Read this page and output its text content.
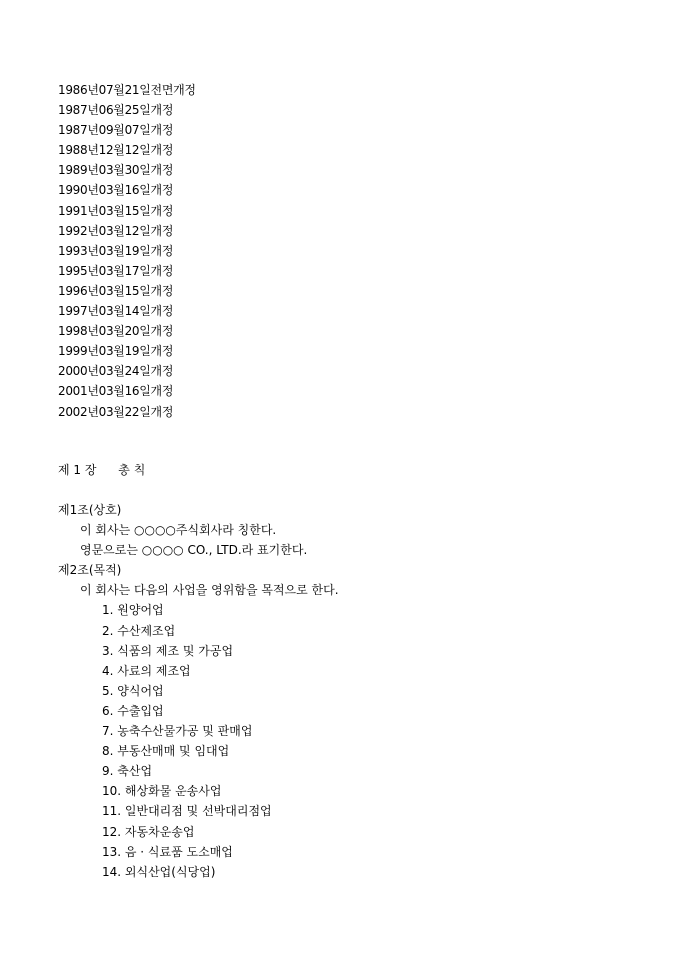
1986년07월21일전면개정
1987년06월25일개정
1987년09월07일개정
1988년12월12일개정
1989년03월30일개정
1990년03월16일개정
1991년03월15일개정
1992년03월12일개정
1993년03월19일개정
1995년03월17일개정
1996년03월15일개정
1997년03월14일개정
1998년03월20일개정
1999년03월19일개정
2000년03월24일개정
2001년03월16일개정
2002년03월22일개정
제 1 장 총 칙
제1조(상호)
이 회사는 ○○○○주식회사라 칭한다.
영문으로는 ○○○○ CO., LTD.라 표기한다.
제2조(목적)
이 회사는 다음의 사업을 영위함을 목적으로 한다.
1. 원양어업
2. 수산제조업
3. 식품의 제조 및 가공업
4. 사료의 제조업
5. 양식어업
6. 수출입업
7. 농축수산물가공 및 판매업
8. 부동산매매 및 임대업
9. 축산업
10. 해상화물 운송사업
11. 일반대리점 및 선박대리점업
12. 자동차운송업
13. 음 · 식료품 도소매업
14. 외식산업(식당업)
